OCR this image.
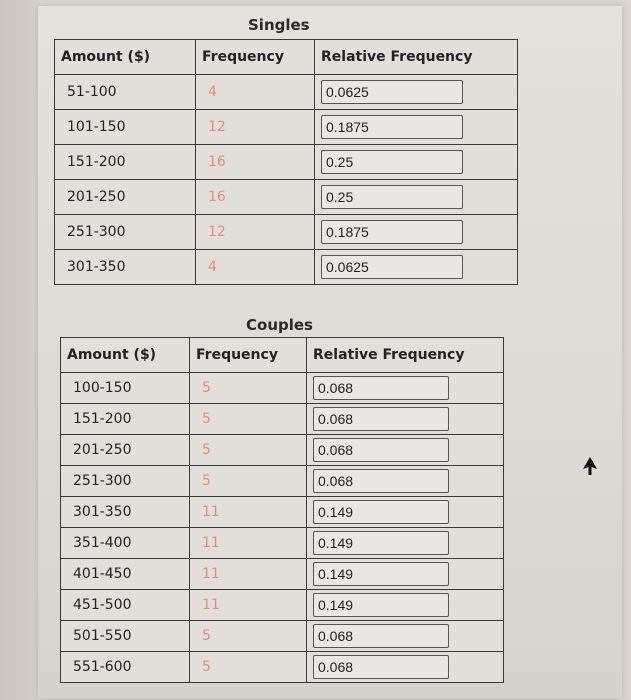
Singles
Amount ($)	Frequency	Relative Frequency
51-100	4	0.0625
101-150	12	0.1875
151-200	16	0.25
201-250	16	0.25
251-300	12	0.1875
301-350	4	0.0625
Couples
Amount ($)	Frequency	Relative Frequency
100-150	5	0.068
151-200	5	0.068
201-250	5	0.068
251-300	5	0.068
301-350	11	0.149
351-400	11	0.149
401-450	11	0.149
451-500	11	0.149
501-550	5	0.068
551-600	5	0.068
